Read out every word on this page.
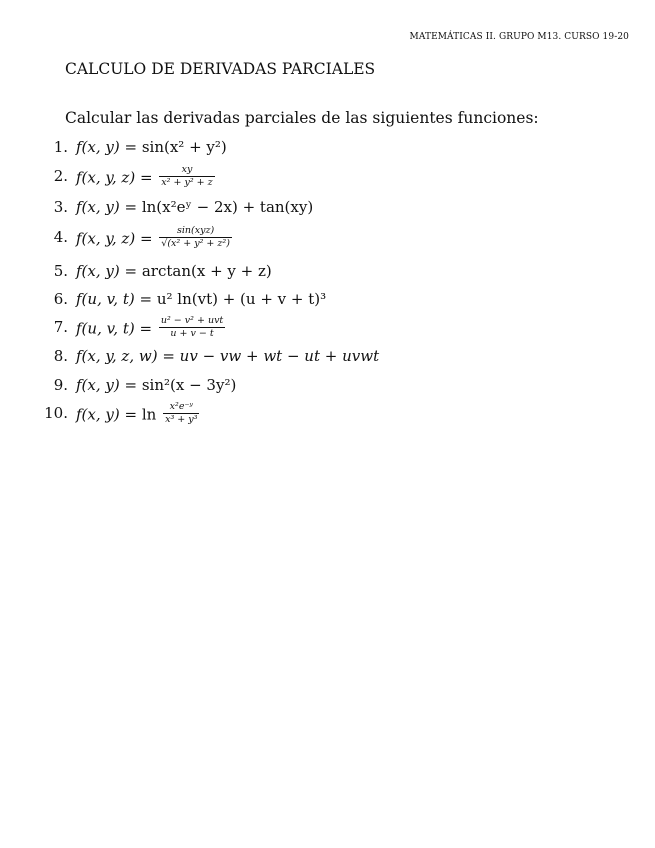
MATEMÁTICAS II. GRUPO M13. CURSO 19-20
CALCULO DE DERIVADAS PARCIALES
Calcular las derivadas parciales de las siguientes funciones:
1. f(x, y) = sin(x² + y²)
2. f(x, y, $z) = \frac{xy}{\text{x² + y² + z}}$
3. f(x, y) = ln(x²eʸ − 2x) + tan(xy)
4. f(x, y, $z) = \frac{\text{sin(xyz)}}{\text{√(x² + y² + z²)}}$
5. f(x, y) = arctan(x + y + z)
6. f(u, v, t) = u² ln(vt) + (u + v + t)³
7. f(u, v, $t) = \frac{\text{u² − v² + uvt}}{u + v - t}$
8. f(x, y, z, w) = uv − vw + wt − ut + uvwt
9. f(x, y) = sin²(x − 3y²)
10. f(x, $y) = \ln \frac{\text{x²e⁻ʸ}}{\text{x³ + y³}}$
